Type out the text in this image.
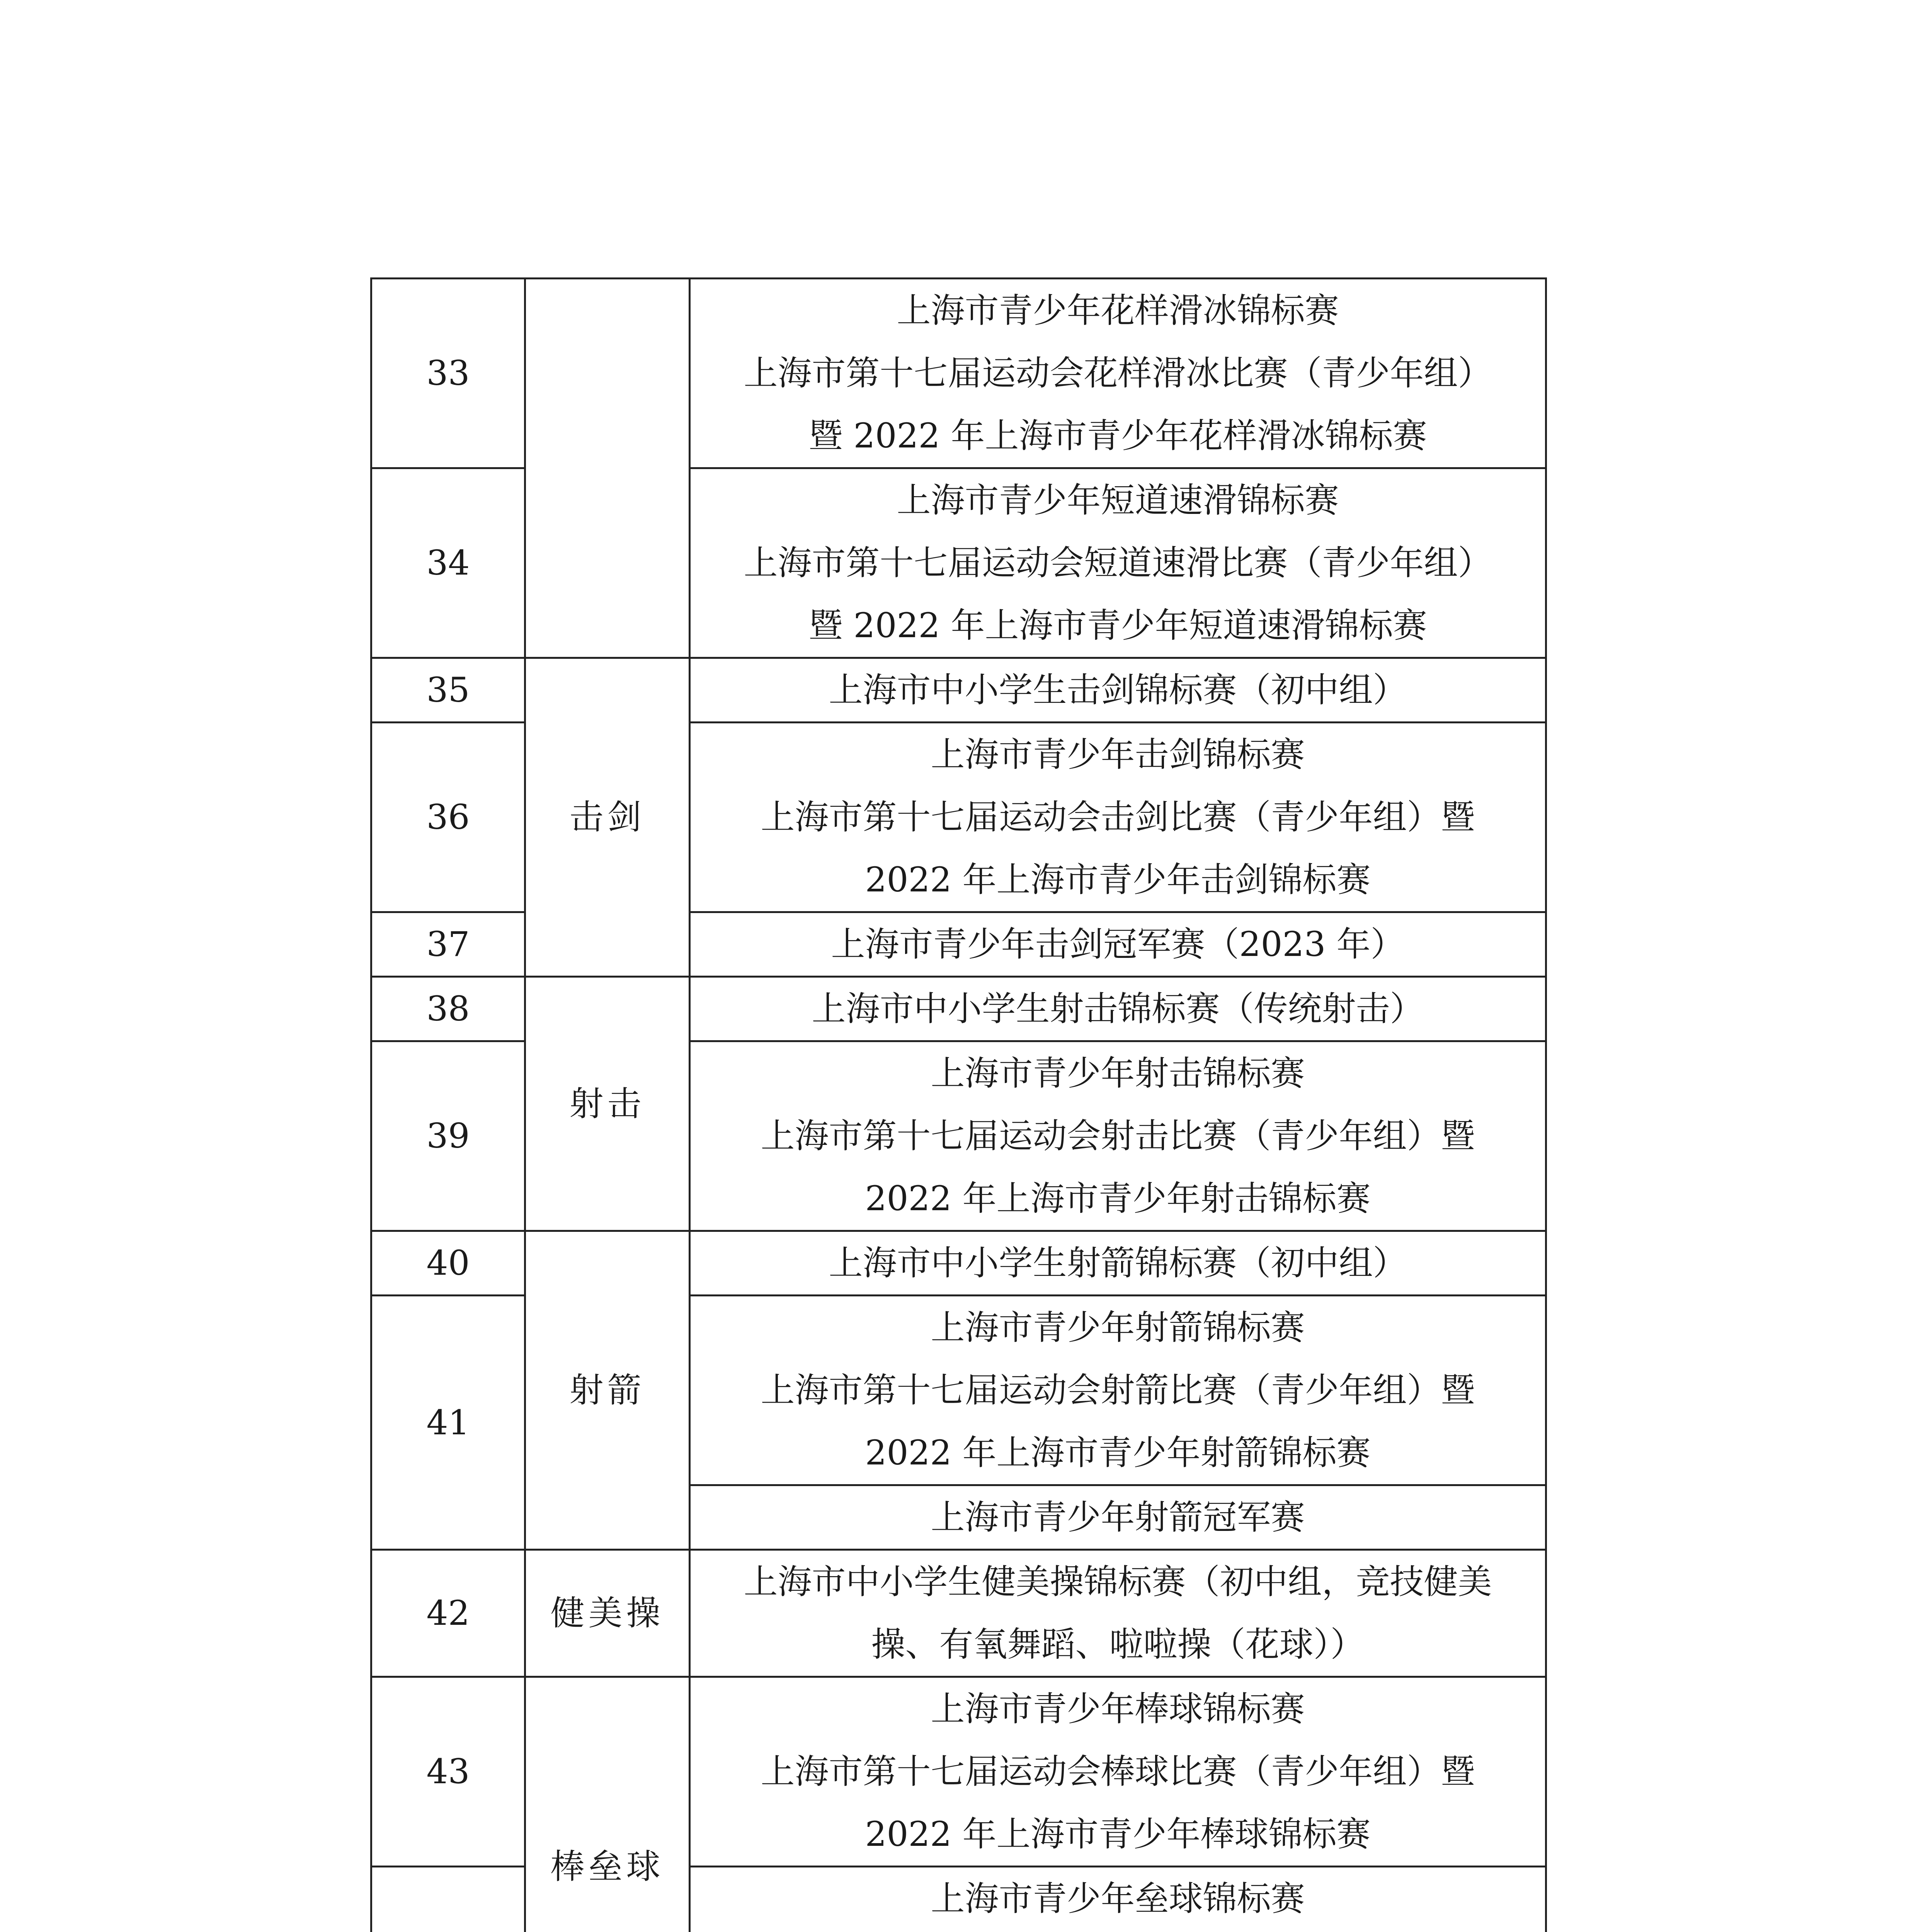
33		上海市青少年花样滑冰锦标赛
上海市第十七届运动会花样滑冰比赛（青少年组）
暨 2022 年上海市青少年花样滑冰锦标赛

34		上海市青少年短道速滑锦标赛
上海市第十七届运动会短道速滑比赛（青少年组）
暨 2022 年上海市青少年短道速滑锦标赛

35	击剑	上海市中小学生击剑锦标赛（初中组）

36		上海市青少年击剑锦标赛
上海市第十七届运动会击剑比赛（青少年组）暨
2022 年上海市青少年击剑锦标赛

37		上海市青少年击剑冠军赛（2023 年）

38	射击	上海市中小学生射击锦标赛（传统射击）

39		上海市青少年射击锦标赛
上海市第十七届运动会射击比赛（青少年组）暨
2022 年上海市青少年射击锦标赛

40	射箭	上海市中小学生射箭锦标赛（初中组）

41		上海市青少年射箭锦标赛
上海市第十七届运动会射箭比赛（青少年组）暨
2022 年上海市青少年射箭锦标赛

		上海市青少年射箭冠军赛

42	健美操	上海市中小学生健美操锦标赛（初中组，竞技健美
操、有氧舞蹈、啦啦操（花球））

43	棒垒球	上海市青少年棒球锦标赛
上海市第十七届运动会棒球比赛（青少年组）暨
2022 年上海市青少年棒球锦标赛

上海市青少年垒球锦标赛
